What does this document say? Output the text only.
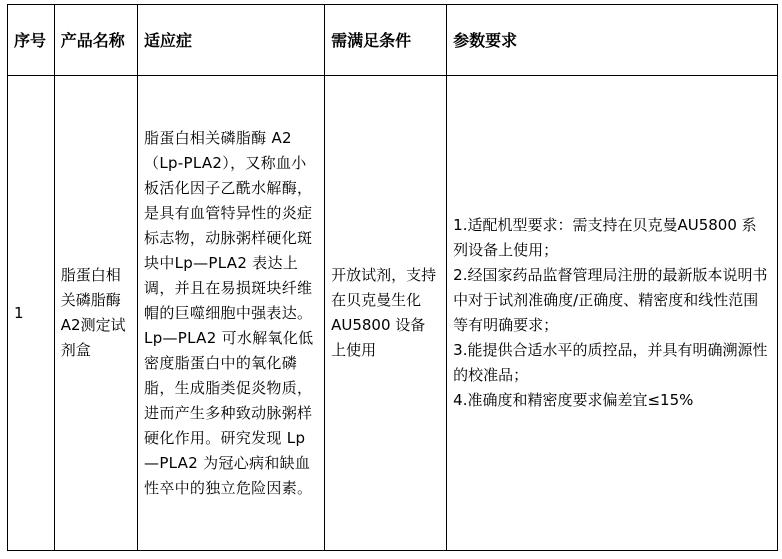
序号	产品名称	适应症	需满足条件	参数要求
1	脂蛋白相关磷脂酶A2测定试剂盒	脂蛋白相关磷脂酶 A2（Lp-PLA2），又称血小板活化因子乙酰水解酶，是具有血管特异性的炎症标志物，动脉粥样硬化斑块中Lp—PLA2 表达上调，并且在易损斑块纤维帽的巨噬细胞中强表达。Lp—PLA2 可水解氧化低密度脂蛋白中的氧化磷脂，生成脂类促炎物质，进而产生多种致动脉粥样硬化作用。研究发现 Lp—PLA2 为冠心病和缺血性卒中的独立危险因素。	开放试剂，支持在贝克曼生化 AU5800 设备上使用	1.适配机型要求：需支持在贝克曼AU5800 系列设备上使用；
2.经国家药品监督管理局注册的最新版本说明书中对于试剂准确度/正确度、精密度和线性范围等有明确要求；
3.能提供合适水平的质控品，并具有明确溯源性的校准品；
4.准确度和精密度要求偏差宜≤15%
